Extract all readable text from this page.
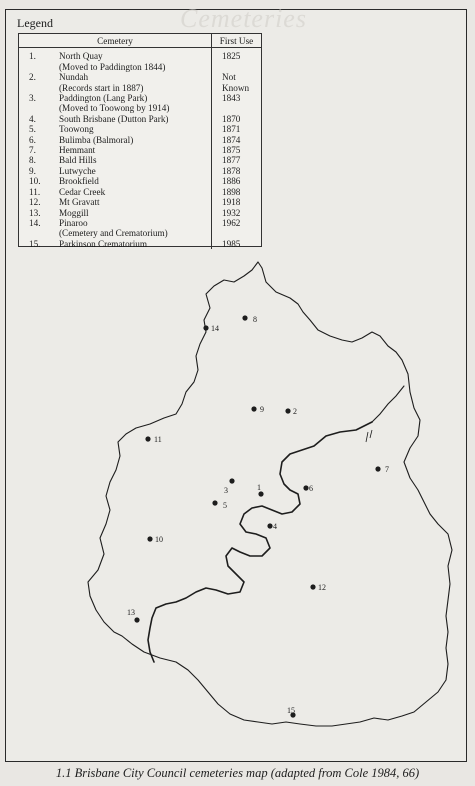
Cemeteries
Legend
Cemetery		First Use
1.	North Quay
(Moved to Paddington 1844)	1825
2.	Nundah
(Records start in 1887)	Not Known
3.	Paddington (Lang Park)
(Moved to Toowong by 1914)	1843
4.	South Brisbane (Dutton Park)	1870
5.	Toowong	1871
6.	Bulimba (Balmoral)	1874
7.	Hemmant	1875
8.	Bald Hills	1877
9.	Lutwyche	1878
10.	Brookfield	1886
11.	Cedar Creek	1898
12.	Mt Gravatt	1918
13.	Moggill	1932
14.	Pinaroo
(Cemetery and Crematorium)	1962
15.	Parkinson Crematorium	1985
1
2
3
4
5
6
7
8
9
10
11
12
13
14
15
1.1 Brisbane City Council cemeteries map (adapted from Cole 1984, 66)
